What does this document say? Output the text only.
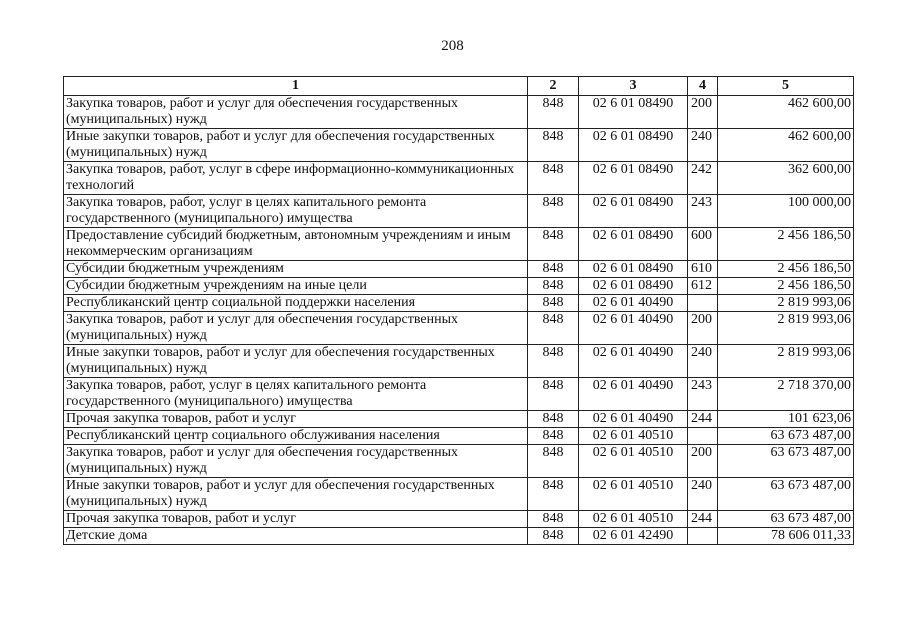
208
1	2	3	4	5
Закупка товаров, работ и услуг для обеспечения государственных (муниципальных) нужд	848	02 6 01 08490	200	462 600,00
Иные закупки товаров, работ и услуг для обеспечения государственных (муниципальных) нужд	848	02 6 01 08490	240	462 600,00
Закупка товаров, работ, услуг в сфере информационно-коммуникационных технологий	848	02 6 01 08490	242	362 600,00
Закупка товаров, работ, услуг в целях капитального ремонта государственного (муниципального) имущества	848	02 6 01 08490	243	100 000,00
Предоставление субсидий бюджетным, автономным учреждениям и иным некоммерческим организациям	848	02 6 01 08490	600	2 456 186,50
Субсидии бюджетным учреждениям	848	02 6 01 08490	610	2 456 186,50
Субсидии бюджетным учреждениям на иные цели	848	02 6 01 08490	612	2 456 186,50
Республиканский центр социальной поддержки населения	848	02 6 01 40490		2 819 993,06
Закупка товаров, работ и услуг для обеспечения государственных (муниципальных) нужд	848	02 6 01 40490	200	2 819 993,06
Иные закупки товаров, работ и услуг для обеспечения государственных (муниципальных) нужд	848	02 6 01 40490	240	2 819 993,06
Закупка товаров, работ, услуг в целях капитального ремонта государственного (муниципального) имущества	848	02 6 01 40490	243	2 718 370,00
Прочая закупка товаров, работ и услуг	848	02 6 01 40490	244	101 623,06
Республиканский центр социального обслуживания населения	848	02 6 01 40510		63 673 487,00
Закупка товаров, работ и услуг для обеспечения государственных (муниципальных) нужд	848	02 6 01 40510	200	63 673 487,00
Иные закупки товаров, работ и услуг для обеспечения государственных (муниципальных) нужд	848	02 6 01 40510	240	63 673 487,00
Прочая закупка товаров, работ и услуг	848	02 6 01 40510	244	63 673 487,00
Детские дома	848	02 6 01 42490		78 606 011,33
